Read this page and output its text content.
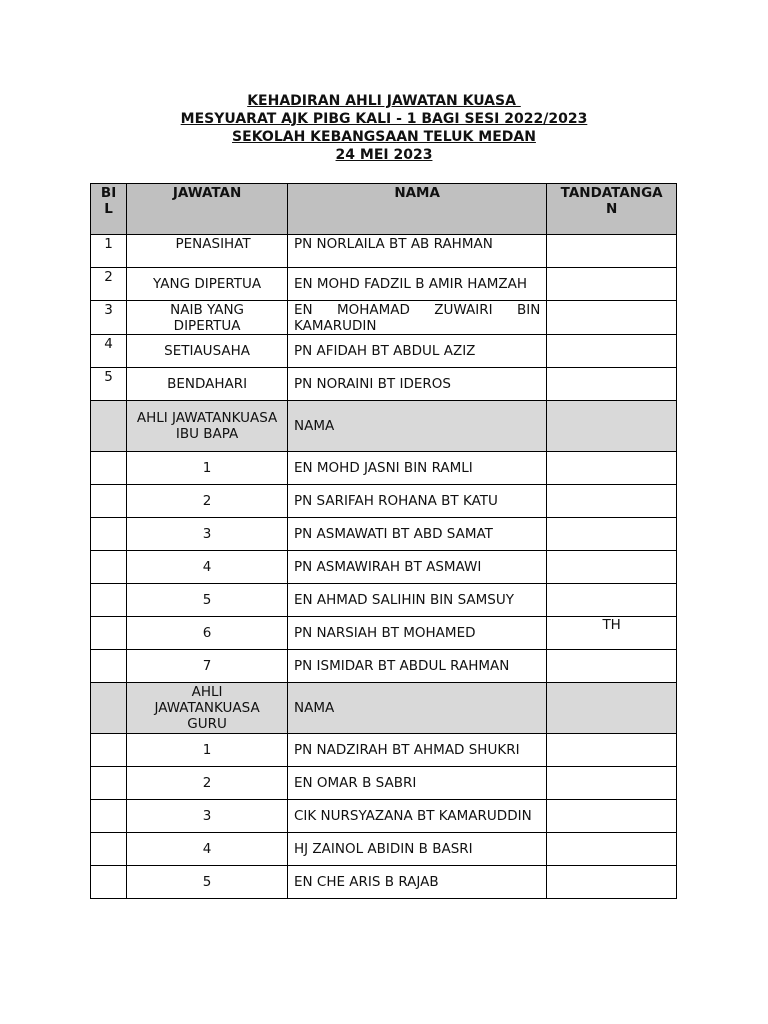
KEHADIRAN AHLI JAWATAN KUASA
MESYUARAT AJK PIBG KALI - 1 BAGI SESI 2022/2023
SEKOLAH KEBANGSAAN TELUK MEDAN
24 MEI 2023
BIL	JAWATAN	NAMA	TANDATANGAN
1	PENASIHAT	PN NORLAILA BT AB RAHMAN	
2	YANG DIPERTUA	EN MOHD FADZIL B AMIR HAMZAH	
3	NAIB YANG DIPERTUA	EN MOHAMAD ZUWAIRI BIN KAMARUDIN	
4	SETIAUSAHA	PN AFIDAH BT ABDUL AZIZ	
5	BENDAHARI	PN NORAINI BT IDEROS	
	AHLI JAWATANKUASA IBU BAPA	NAMA	
	1	EN MOHD JASNI BIN RAMLI	
	2	PN SARIFAH ROHANA BT KATU	
	3	PN ASMAWATI BT ABD SAMAT	
	4	PN ASMAWIRAH BT ASMAWI	
	5	EN AHMAD SALIHIN BIN SAMSUY	
	6	PN NARSIAH BT MOHAMED	TH
	7	PN ISMIDAR BT ABDUL RAHMAN	
	AHLI JAWATANKUASA GURU	NAMA	
	1	PN NADZIRAH BT AHMAD SHUKRI	
	2	EN OMAR B SABRI	
	3	CIK NURSYAZANA BT KAMARUDDIN	
	4	HJ ZAINOL ABIDIN B BASRI	
	5	EN CHE ARIS B RAJAB	
